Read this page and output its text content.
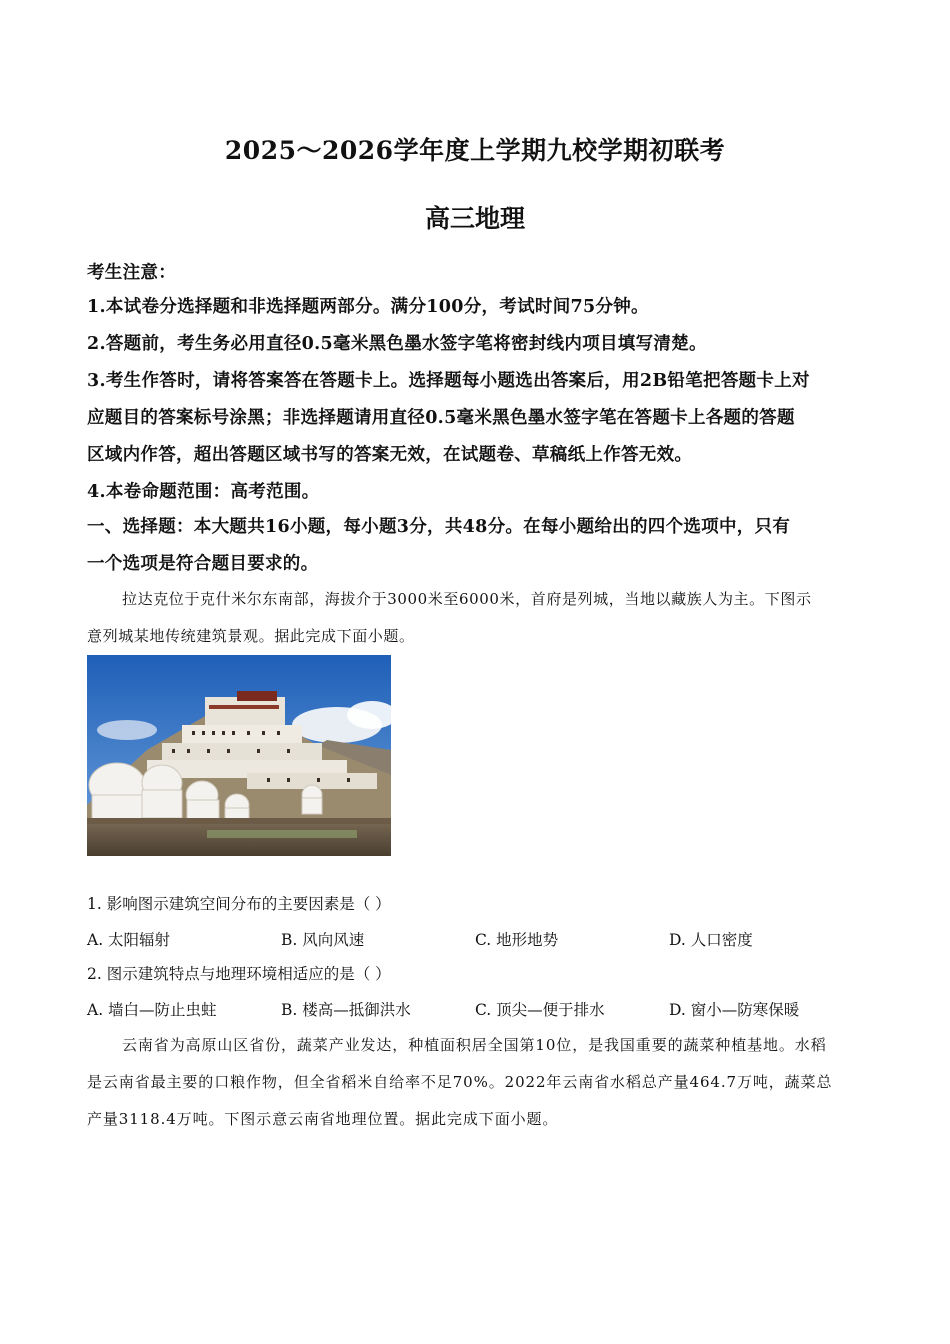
2025～2026学年度上学期九校学期初联考
高三地理
考生注意：
1.本试卷分选择题和非选择题两部分。满分100分，考试时间75分钟。
2.答题前，考生务必用直径0.5毫米黑色墨水签字笔将密封线内项目填写清楚。
3.考生作答时，请将答案答在答题卡上。选择题每小题选出答案后，用2B铅笔把答题卡上对
应题目的答案标号涂黑；非选择题请用直径0.5毫米黑色墨水签字笔在答题卡上各题的答题
区域内作答，超出答题区域书写的答案无效，在试题卷、草稿纸上作答无效。
4.本卷命题范围：高考范围。
一、选择题：本大题共16小题，每小题3分，共48分。在每小题给出的四个选项中，只有
一个选项是符合题目要求的。
拉达克位于克什米尔东南部，海拔介于3000米至6000米，首府是列城，当地以藏族人为主。下图示
意列城某地传统建筑景观。据此完成下面小题。
1. 影响图示建筑空间分布的主要因素是（ ）
A. 太阳辐射	B. 风向风速	C. 地形地势	D. 人口密度
2. 图示建筑特点与地理环境相适应的是（ ）
A. 墙白—防止虫蛀	B. 楼高—抵御洪水	C. 顶尖—便于排水	D. 窗小—防寒保暖
云南省为高原山区省份，蔬菜产业发达，种植面积居全国第10位，是我国重要的蔬菜种植基地。水稻
是云南省最主要的口粮作物，但全省稻米自给率不足70%。2022年云南省水稻总产量464.7万吨，蔬菜总
产量3118.4万吨。下图示意云南省地理位置。据此完成下面小题。
